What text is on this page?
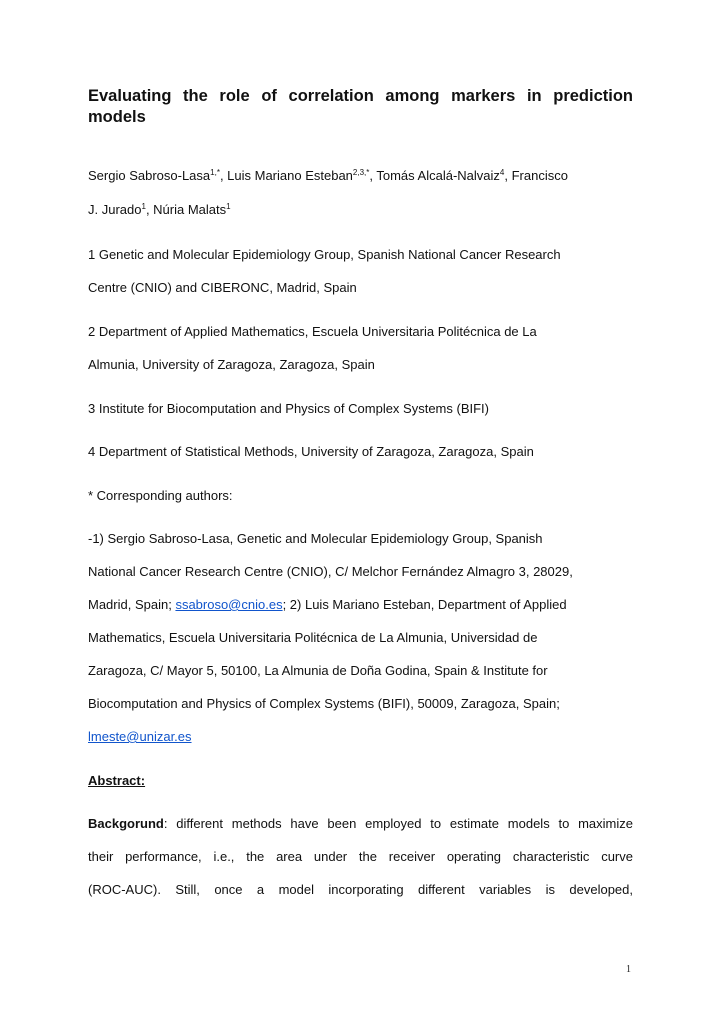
Evaluating the role of correlation among markers in prediction models

Sergio Sabroso-Lasa$^{1,*}$, Luis Mariano Esteban$^{2,3,*}$, Tomás Alcalá-Nalvaiz$^4$, Francisco

J. Jurado$^1$, Núria Malats$^1$

1 Genetic and Molecular Epidemiology Group, Spanish National Cancer Research

Centre (CNIO) and CIBERONC, Madrid, Spain

2 Department of Applied Mathematics, Escuela Universitaria Politécnica de La

Almunia, University of Zaragoza, Zaragoza, Spain

3 Institute for Biocomputation and Physics of Complex Systems (BIFI)

4 Department of Statistical Methods, University of Zaragoza, Zaragoza, Spain

* Corresponding authors:

-1) Sergio Sabroso-Lasa, Genetic and Molecular Epidemiology Group, Spanish

National Cancer Research Centre (CNIO), C/ Melchor Fernández Almagro 3, 28029,

Madrid, Spain; ssabroso@cnio.es; 2) Luis Mariano Esteban, Department of Applied

Mathematics, Escuela Universitaria Politécnica de La Almunia, Universidad de

Zaragoza, C/ Mayor 5, 50100, La Almunia de Doña Godina, Spain & Institute for

Biocomputation and Physics of Complex Systems (BIFI), 50009, Zaragoza, Spain;

lmeste@unizar.es

Abstract:

Backgorund: different methods have been employed to estimate models to maximize

their performance, i.e., the area under the receiver operating characteristic curve

(ROC-AUC). Still, once a model incorporating different variables is developed,

1
